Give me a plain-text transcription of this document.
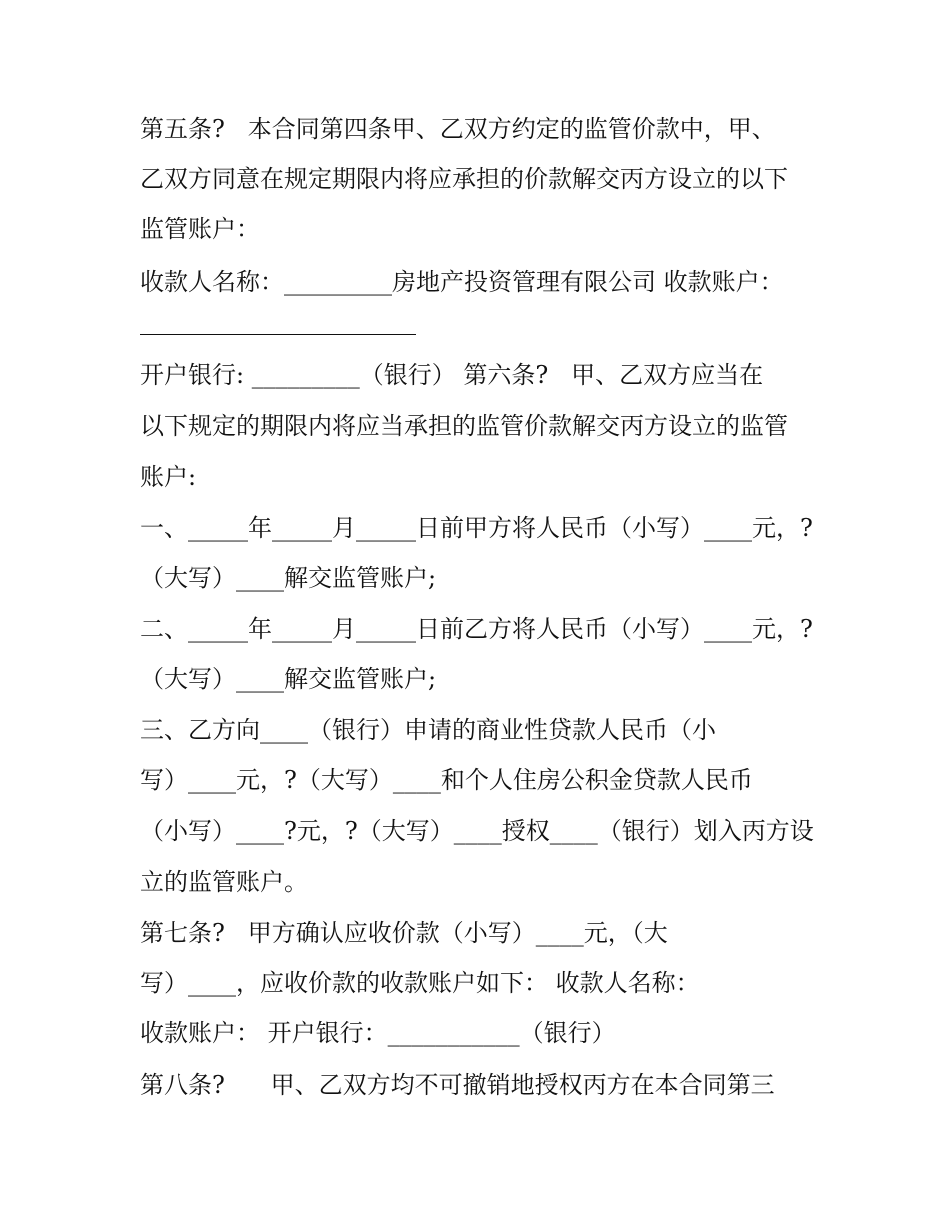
第五条?   本合同第四条甲、乙双方约定的监管价款中，甲、
乙双方同意在规定期限内将应承担的价款解交丙方设立的以下
监管账户：
收款人名称：_________房地产投资管理有限公司 收款账户：
开户银行: _________（银行） 第六条?   甲、乙双方应当在
以下规定的期限内将应当承担的监管价款解交丙方设立的监管
账户:
一、_____年_____月_____日前甲方将人民币（小写）____元，?
（大写）____解交监管账户;
二、_____年_____月_____日前乙方将人民币（小写）____元，?
（大写）____解交监管账户;
三、乙方向____（银行）申请的商业性贷款人民币（小
写）____元，?（大写）____和个人住房公积金贷款人民币
（小写）____?元，?（大写）____授权____（银行）划入丙方设
立的监管账户。
第七条?   甲方确认应收价款（小写）____元，（大
写）____，应收价款的收款账户如下： 收款人名称：
收款账户： 开户银行：___________（银行）
第八条?      甲、乙双方均不可撤销地授权丙方在本合同第三
